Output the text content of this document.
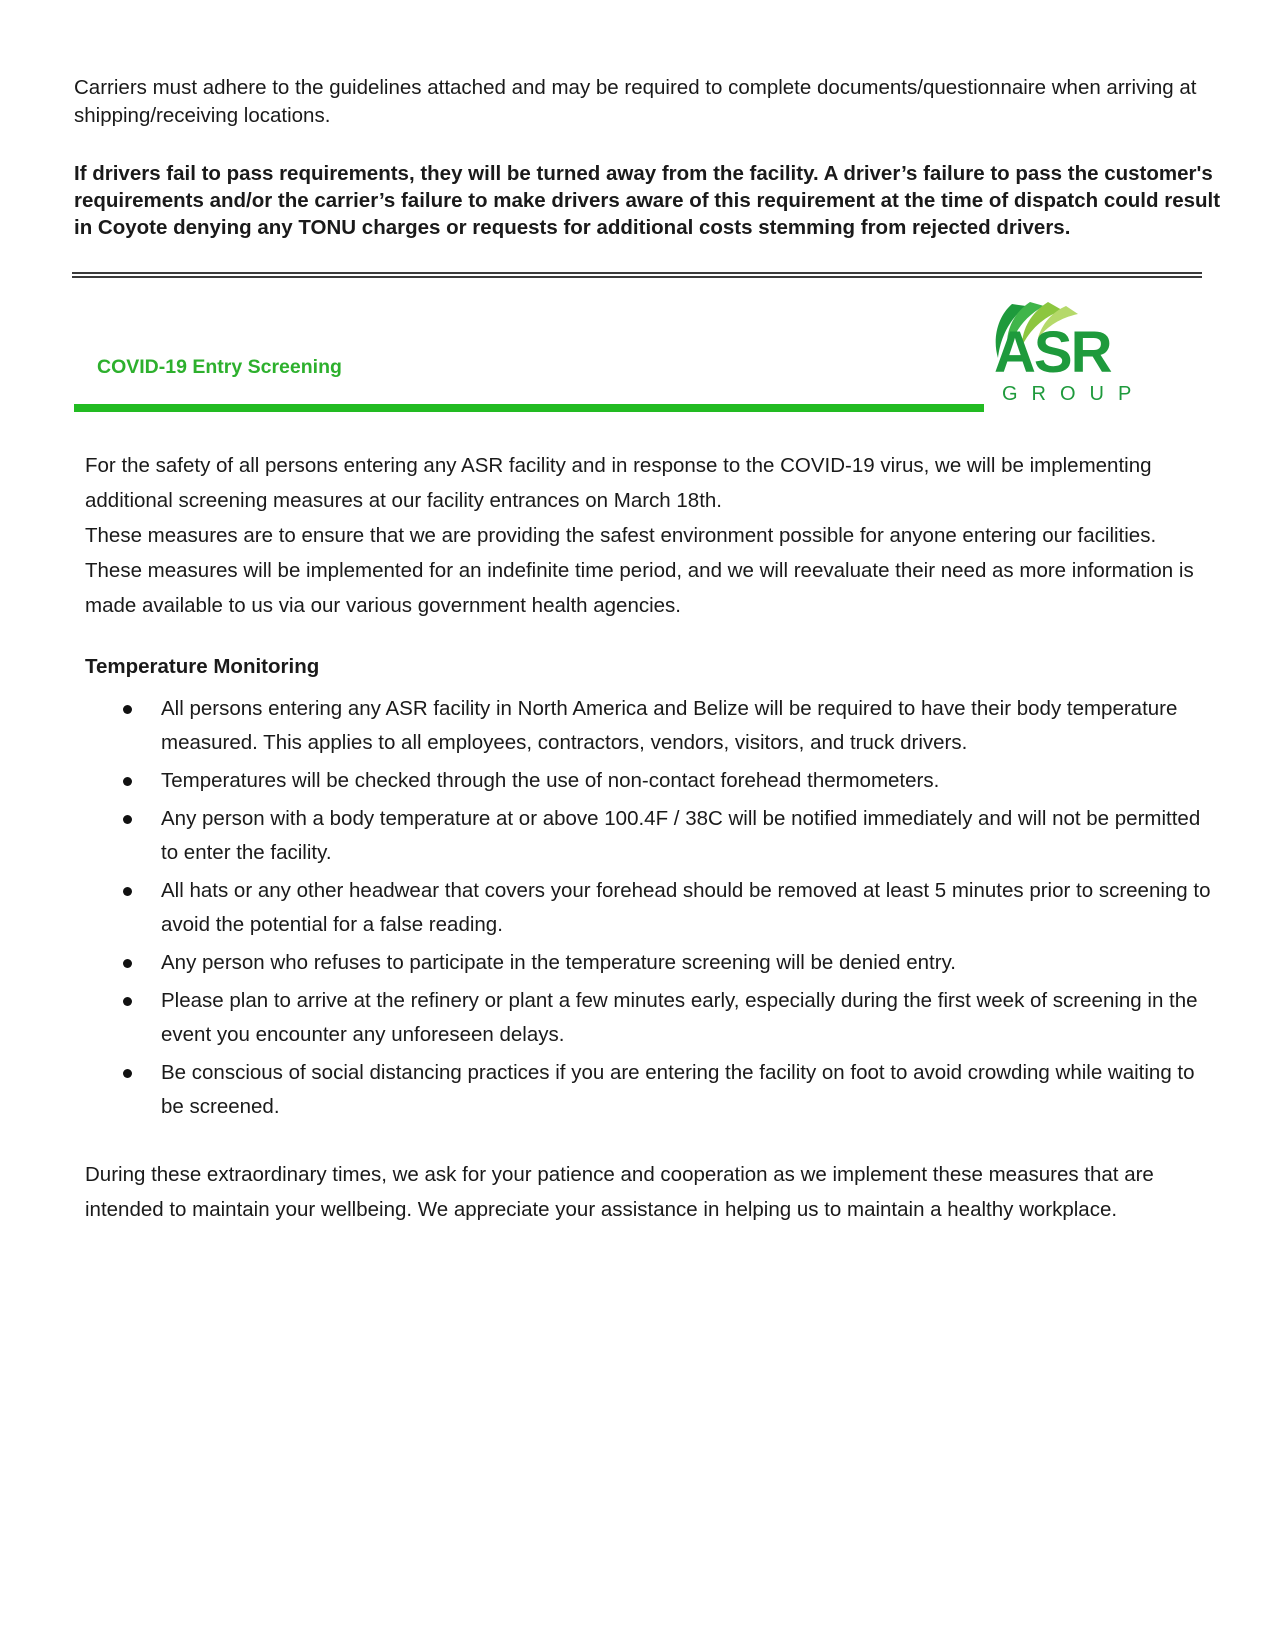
Carriers must adhere to the guidelines attached and may be required to complete documents/questionnaire when arriving at shipping/receiving locations.

If drivers fail to pass requirements, they will be turned away from the facility. A driver’s failure to pass the customer's requirements and/or the carrier’s failure to make drivers aware of this requirement at the time of dispatch could result in Coyote denying any TONU charges or requests for additional costs stemming from rejected drivers.

COVID-19 Entry Screening	ASR
GROUP

For the safety of all persons entering any ASR facility and in response to the COVID-19 virus, we will be implementing additional screening measures at our facility entrances on March 18th.

These measures are to ensure that we are providing the safest environment possible for anyone entering our facilities. These measures will be implemented for an indefinite time period, and we will reevaluate their need as more information is made available to us via our various government health agencies.

Temperature Monitoring
All persons entering any ASR facility in North America and Belize will be required to have their body temperature measured. This applies to all employees, contractors, vendors, visitors, and truck drivers.
Temperatures will be checked through the use of non-contact forehead thermometers.
Any person with a body temperature at or above 100.4F / 38C will be notified immediately and will not be permitted to enter the facility.
All hats or any other headwear that covers your forehead should be removed at least 5 minutes prior to screening to avoid the potential for a false reading.
Any person who refuses to participate in the temperature screening will be denied entry.
Please plan to arrive at the refinery or plant a few minutes early, especially during the first week of screening in the event you encounter any unforeseen delays.
Be conscious of social distancing practices if you are entering the facility on foot to avoid crowding while waiting to be screened.

During these extraordinary times, we ask for your patience and cooperation as we implement these measures that are intended to maintain your wellbeing. We appreciate your assistance in helping us to maintain a healthy workplace.
